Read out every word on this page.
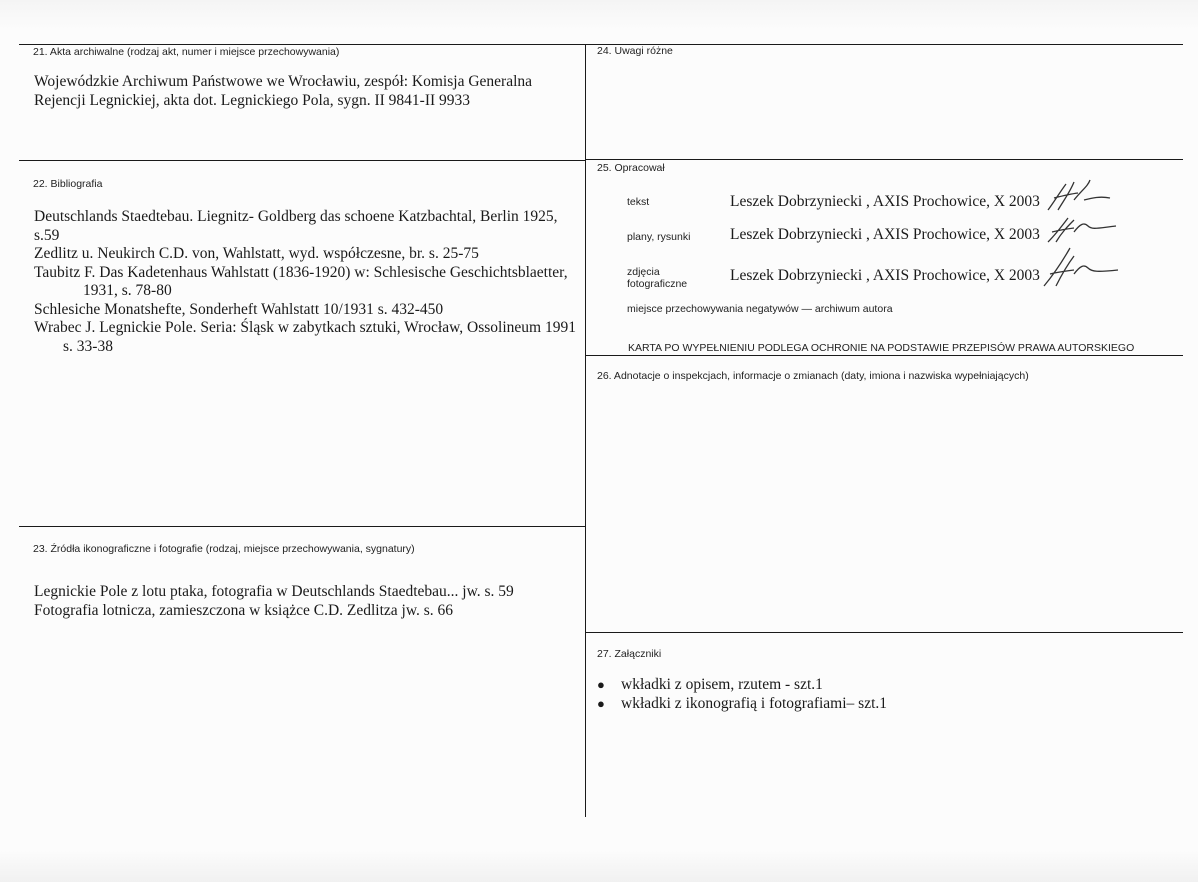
21. Akta archiwalne (rodzaj akt, numer i miejsce przechowywania)
Wojewódzkie Archiwum Państwowe we Wrocławiu, zespół: Komisja Generalna
Rejencji Legnickiej, akta dot. Legnickiego Pola, sygn. II 9841-II 9933
22. Bibliografia
Deutschlands Staedtebau. Liegnitz- Goldberg das schoene Katzbachtal, Berlin 1925,
s.59
Zedlitz u. Neukirch C.D. von, Wahlstatt, wyd. współczesne, br. s. 25-75
Taubitz F. Das Kadetenhaus Wahlstatt (1836-1920) w: Schlesische Geschichtsblaetter,
1931, s. 78-80
Schlesiche Monatshefte, Sonderheft Wahlstatt 10/1931 s. 432-450
Wrabec J. Legnickie Pole. Seria: Śląsk w zabytkach sztuki, Wrocław, Ossolineum 1991
s. 33-38
23. Źródła ikonograficzne i fotografie (rodzaj, miejsce przechowywania, sygnatury)
Legnickie Pole z lotu ptaka, fotografia w Deutschlands Staedtebau... jw. s. 59
Fotografia lotnicza, zamieszczona w książce C.D. Zedlitza jw. s. 66
24. Uwagi różne
25. Opracował
tekst	Leszek Dobrzyniecki , AXIS Prochowice, X 2003
plany, rysunki	Leszek Dobrzyniecki , AXIS Prochowice, X 2003
zdjęcia
fotograficzne	Leszek Dobrzyniecki , AXIS Prochowice, X 2003
miejsce przechowywania negatywów — archiwum autora
KARTA PO WYPEŁNIENIU PODLEGA OCHRONIE NA PODSTAWIE PRZEPISÓW PRAWA AUTORSKIEGO
26. Adnotacje o inspekcjach, informacje o zmianach (daty, imiona i nazwiska wypełniających)
27. Załączniki
● wkładki z opisem, rzutem - szt.1
● wkładki z ikonografią i fotografiami– szt.1
